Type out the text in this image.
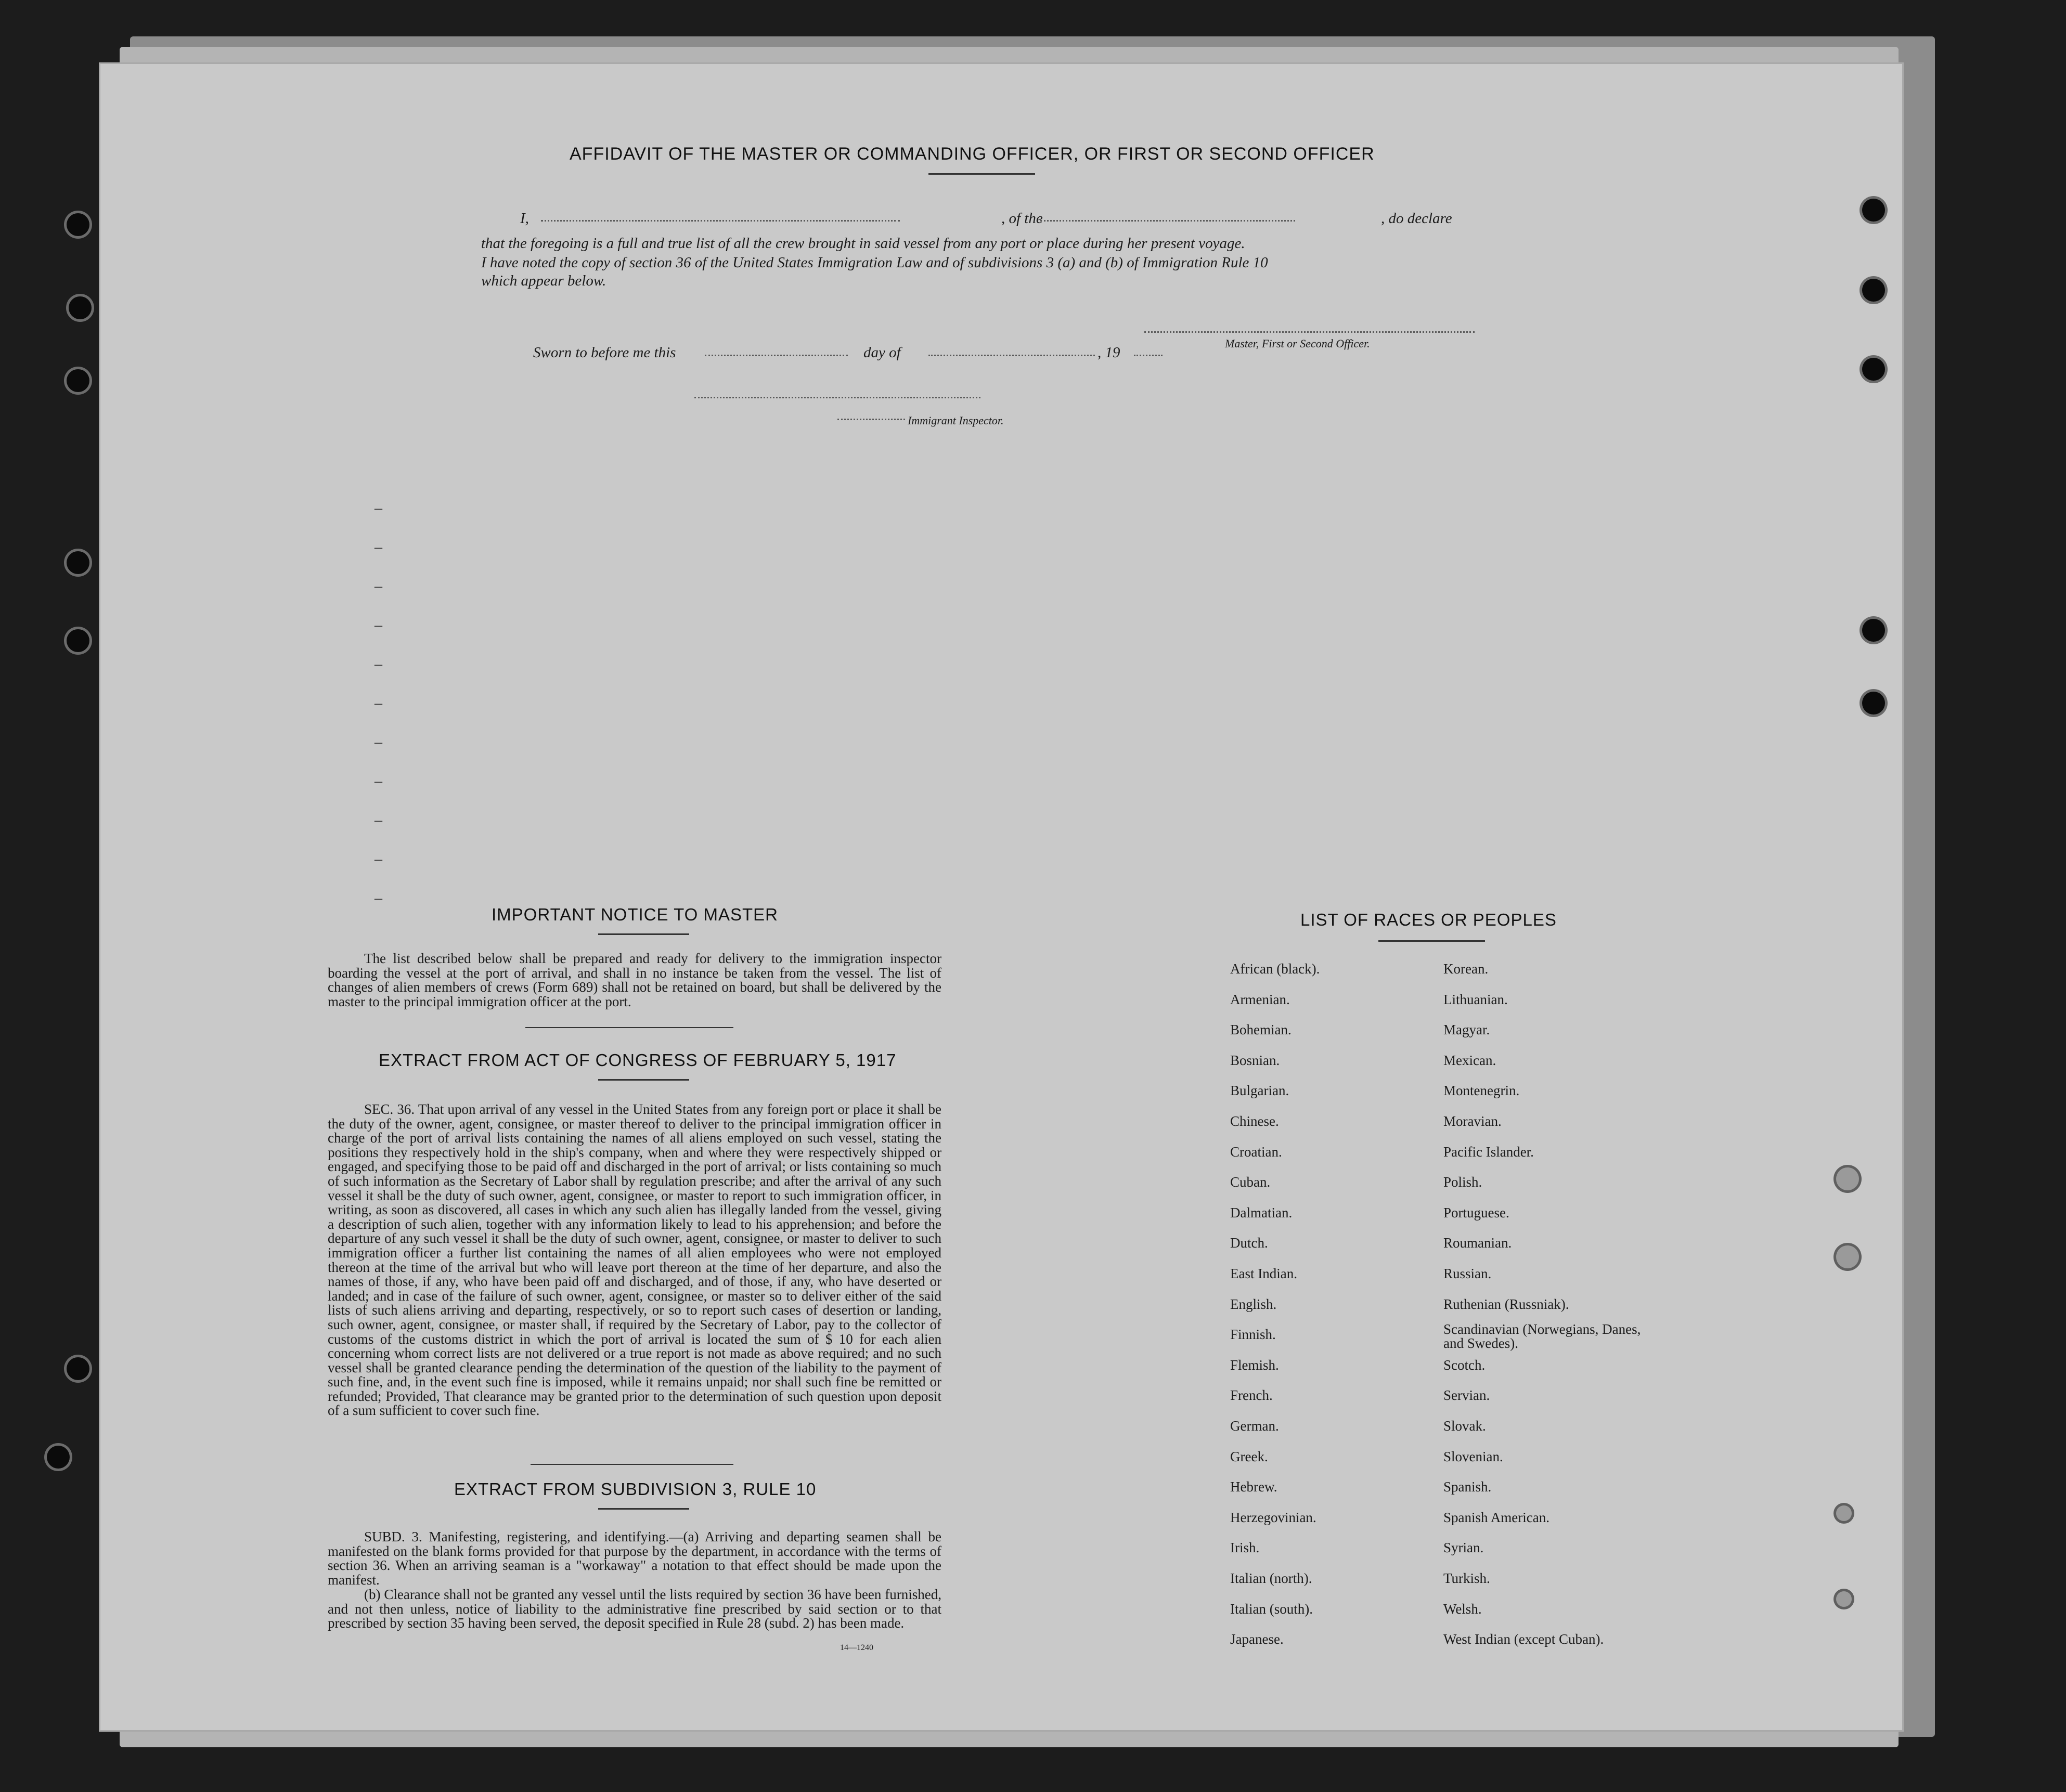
AFFIDAVIT OF THE MASTER OR COMMANDING OFFICER, OR FIRST OR SECOND OFFICER
I,	, of the	, do declare
that the foregoing is a full and true list of all the crew brought in said vessel from any port or place during her present voyage.
I have noted the copy of section 36 of the United States Immigration Law and of subdivisions 3 (a) and (b) of Immigration Rule 10
which appear below.
Master, First or Second Officer.
Sworn to before me this	day of	, 19
Immigrant Inspector.
–
–
–
–
–
–
–
–
–
–
–
IMPORTANT NOTICE TO MASTER
The list described below shall be prepared and ready for delivery to the immigration inspector boarding the vessel at the port of arrival, and shall in no instance be taken from the vessel. The list of changes of alien members of crews (Form 689) shall not be retained on board, but shall be delivered by the master to the principal immigration officer at the port.
EXTRACT FROM ACT OF CONGRESS OF FEBRUARY 5, 1917
SEC. 36. That upon arrival of any vessel in the United States from any foreign port or place it shall be the duty of the owner, agent, consignee, or master thereof to deliver to the principal immigration officer in charge of the port of arrival lists containing the names of all aliens employed on such vessel, stating the positions they respectively hold in the ship's company, when and where they were respectively shipped or engaged, and specifying those to be paid off and discharged in the port of arrival; or lists containing so much of such information as the Secretary of Labor shall by regulation prescribe; and after the arrival of any such vessel it shall be the duty of such owner, agent, consignee, or master to report to such immigration officer, in writing, as soon as discovered, all cases in which any such alien has illegally landed from the vessel, giving a description of such alien, together with any information likely to lead to his apprehension; and before the departure of any such vessel it shall be the duty of such owner, agent, consignee, or master to deliver to such immigration officer a further list containing the names of all alien employees who were not employed thereon at the time of the arrival but who will leave port thereon at the time of her departure, and also the names of those, if any, who have been paid off and discharged, and of those, if any, who have deserted or landed; and in case of the failure of such owner, agent, consignee, or master so to deliver either of the said lists of such aliens arriving and departing, respectively, or so to report such cases of desertion or landing, such owner, agent, consignee, or master shall, if required by the Secretary of Labor, pay to the collector of customs of the customs district in which the port of arrival is located the sum of $ 10 for each alien concerning whom correct lists are not delivered or a true report is not made as above required; and no such vessel shall be granted clearance pending the determination of the question of the liability to the payment of such fine, and, in the event such fine is imposed, while it remains unpaid; nor shall such fine be remitted or refunded; Provided, That clearance may be granted prior to the determination of such question upon deposit of a sum sufficient to cover such fine.
EXTRACT FROM SUBDIVISION 3, RULE 10
SUBD. 3. Manifesting, registering, and identifying.—(a) Arriving and departing seamen shall be manifested on the blank forms provided for that purpose by the department, in accordance with the terms of section 36. When an arriving seaman is a "workaway" a notation to that effect should be made upon the manifest.
(b) Clearance shall not be granted any vessel until the lists required by section 36 have been furnished, and not then unless, notice of liability to the administrative fine prescribed by said section or to that prescribed by section 35 having been served, the deposit specified in Rule 28 (subd. 2) has been made.
14—1240
LIST OF RACES OR PEOPLES
African (black).
Armenian.
Bohemian.
Bosnian.
Bulgarian.
Chinese.
Croatian.
Cuban.
Dalmatian.
Dutch.
East Indian.
English.
Finnish.
Flemish.
French.
German.
Greek.
Hebrew.
Herzegovinian.
Irish.
Italian (north).
Italian (south).
Japanese.
Korean.
Lithuanian.
Magyar.
Mexican.
Montenegrin.
Moravian.
Pacific Islander.
Polish.
Portuguese.
Roumanian.
Russian.
Ruthenian (Russniak).
Scandinavian (Norwegians, Danes, and Swedes).
Scotch.
Servian.
Slovak.
Slovenian.
Spanish.
Spanish American.
Syrian.
Turkish.
Welsh.
West Indian (except Cuban).
